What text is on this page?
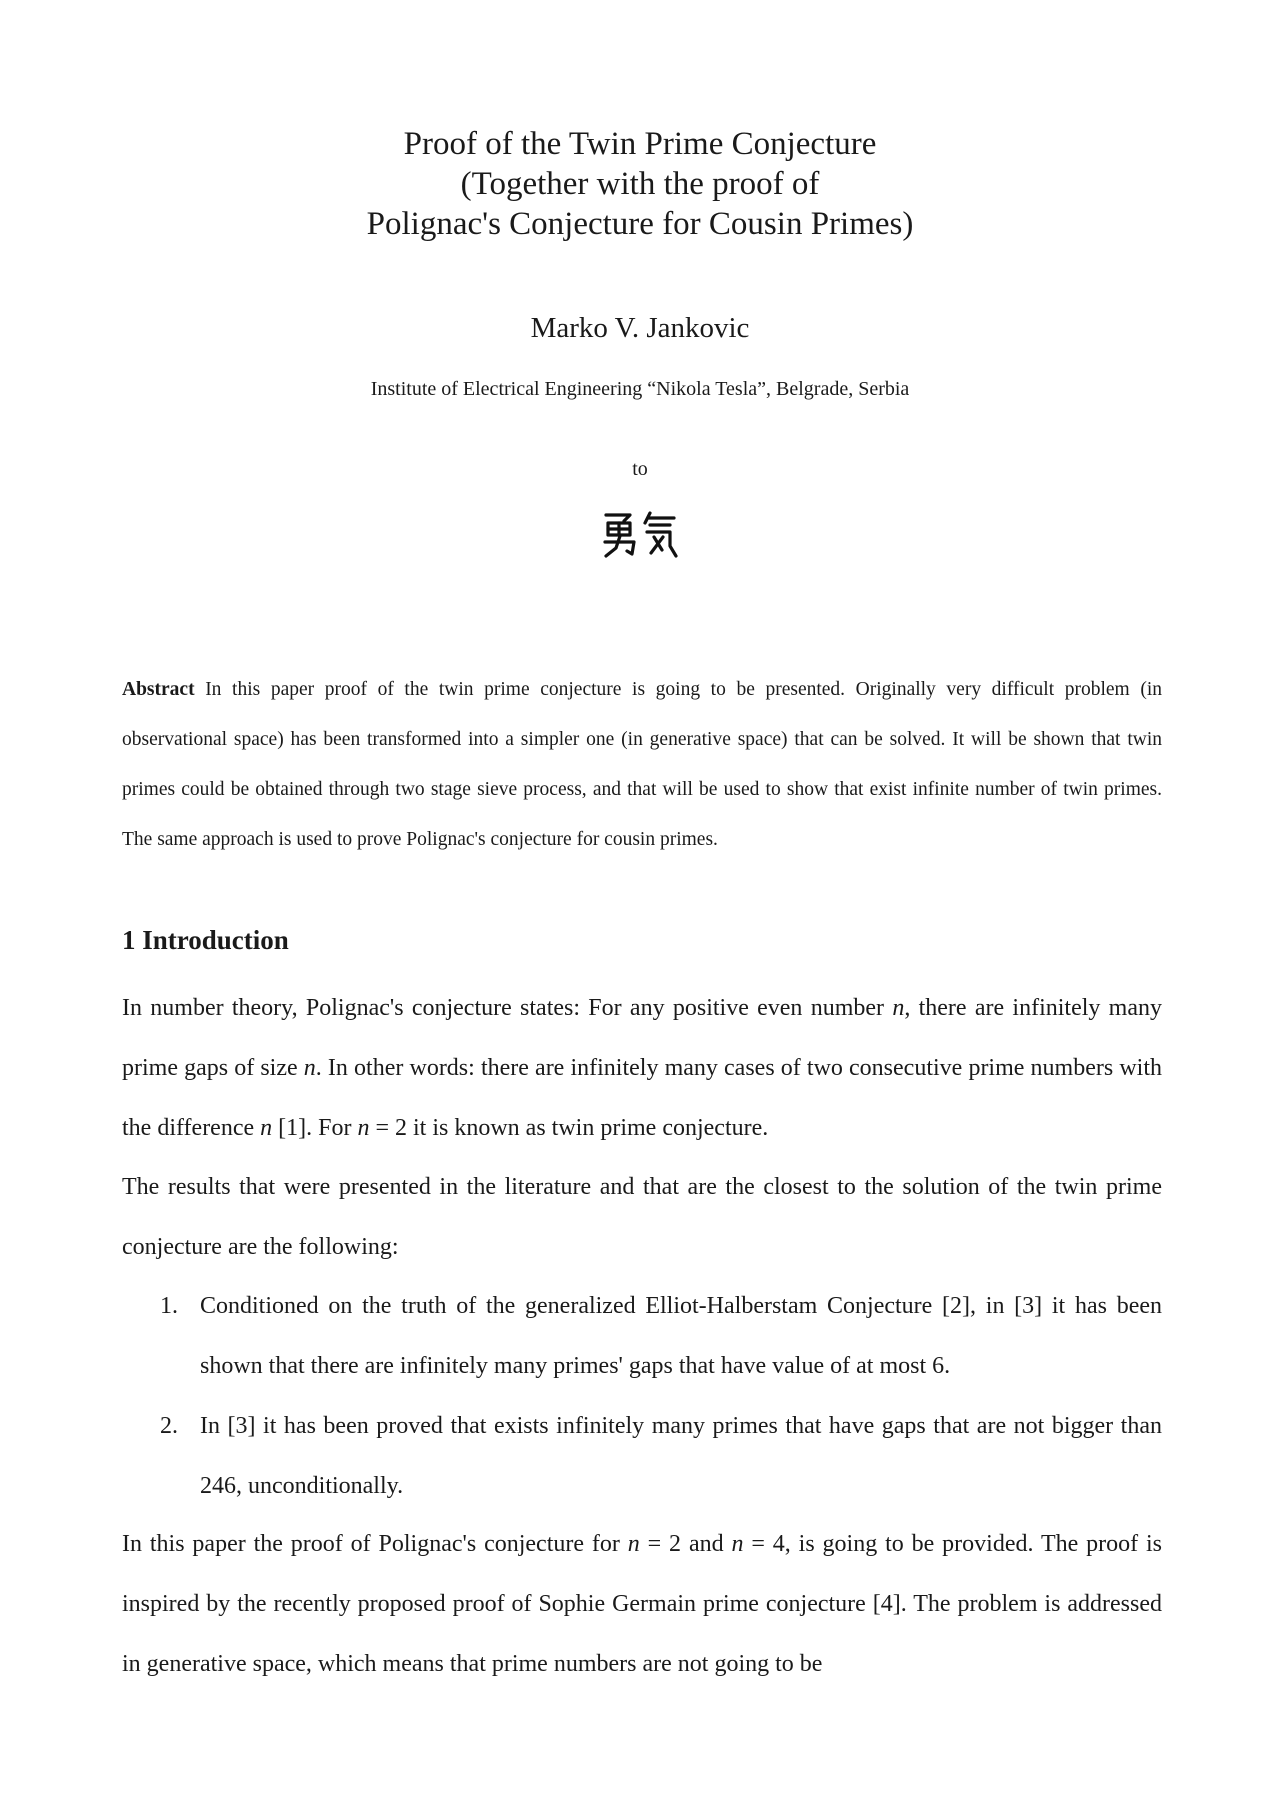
Proof of the Twin Prime Conjecture
(Together with the proof of
Polignac's Conjecture for Cousin Primes)
Marko V. Jankovic
Institute of Electrical Engineering “Nikola Tesla”, Belgrade, Serbia
to
Abstract In this paper proof of the twin prime conjecture is going to be presented. Originally very difficult problem (in observational space) has been transformed into a simpler one (in generative space) that can be solved. It will be shown that twin primes could be obtained through two stage sieve process, and that will be used to show that exist infinite number of twin primes. The same approach is used to prove Polignac's conjecture for cousin primes.
1 Introduction
In number theory, Polignac's conjecture states: For any positive even number n, there are infinitely many prime gaps of size n. In other words: there are infinitely many cases of two consecutive prime numbers with the difference n [1]. For n = 2 it is known as twin prime conjecture.
The results that were presented in the literature and that are the closest to the solution of the twin prime conjecture are the following:
1. Conditioned on the truth of the generalized Elliot-Halberstam Conjecture [2], in [3] it has been shown that there are infinitely many primes' gaps that have value of at most 6.
2. In [3] it has been proved that exists infinitely many primes that have gaps that are not bigger than 246, unconditionally.
In this paper the proof of Polignac's conjecture for n = 2 and n = 4, is going to be provided. The proof is inspired by the recently proposed proof of Sophie Germain prime conjecture [4]. The problem is addressed in generative space, which means that prime numbers are not going to be
